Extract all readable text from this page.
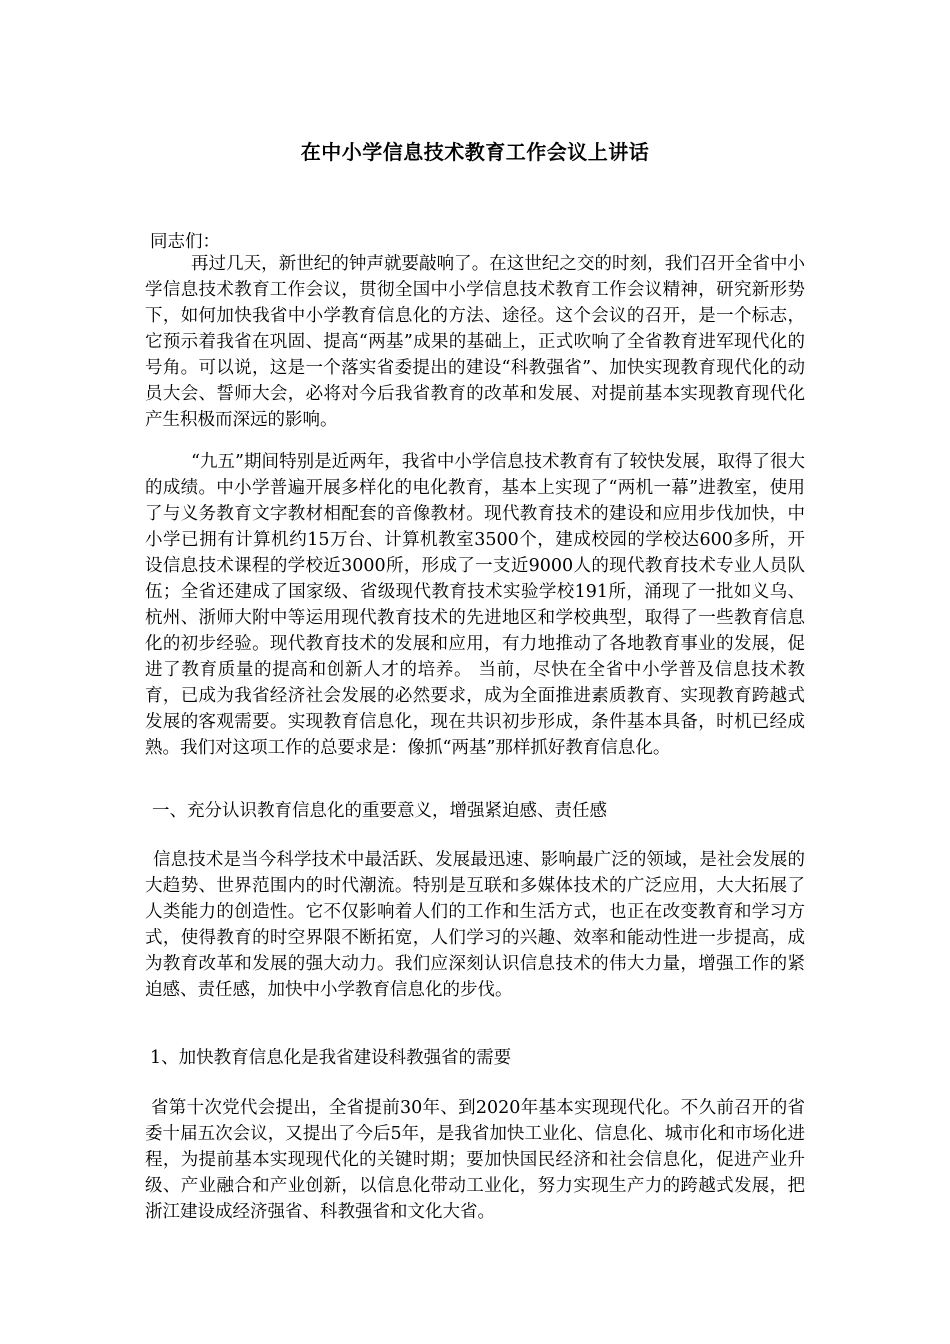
在中小学信息技术教育工作会议上讲话

同志们：

再过几天，新世纪的钟声就要敲响了。在这世纪之交的时刻，我们召开全省中小学信息技术教育工作会议，贯彻全国中小学信息技术教育工作会议精神，研究新形势下，如何加快我省中小学教育信息化的方法、途径。这个会议的召开，是一个标志，它预示着我省在巩固、提高“两基”成果的基础上，正式吹响了全省教育进军现代化的号角。可以说，这是一个落实省委提出的建设“科教强省”、加快实现教育现代化的动员大会、誓师大会，必将对今后我省教育的改革和发展、对提前基本实现教育现代化产生积极而深远的影响。

“九五”期间特别是近两年，我省中小学信息技术教育有了较快发展，取得了很大的成绩。中小学普遍开展多样化的电化教育，基本上实现了“两机一幕”进教室，使用了与义务教育文字教材相配套的音像教材。现代教育技术的建设和应用步伐加快，中小学已拥有计算机约15万台、计算机教室3500个，建成校园的学校达600多所，开设信息技术课程的学校近3000所，形成了一支近9000人的现代教育技术专业人员队伍；全省还建成了国家级、省级现代教育技术实验学校191所，涌现了一批如义乌、杭州、浙师大附中等运用现代教育技术的先进地区和学校典型，取得了一些教育信息化的初步经验。现代教育技术的发展和应用，有力地推动了各地教育事业的发展，促进了教育质量的提高和创新人才的培养。 当前，尽快在全省中小学普及信息技术教育，已成为我省经济社会发展的必然要求，成为全面推进素质教育、实现教育跨越式发展的客观需要。实现教育信息化，现在共识初步形成，条件基本具备，时机已经成熟。我们对这项工作的总要求是：像抓“两基”那样抓好教育信息化。

一、充分认识教育信息化的重要意义，增强紧迫感、责任感

信息技术是当今科学技术中最活跃、发展最迅速、影响最广泛的领域，是社会发展的大趋势、世界范围内的时代潮流。特别是互联和多媒体技术的广泛应用，大大拓展了人类能力的创造性。它不仅影响着人们的工作和生活方式，也正在改变教育和学习方式，使得教育的时空界限不断拓宽，人们学习的兴趣、效率和能动性进一步提高，成为教育改革和发展的强大动力。我们应深刻认识信息技术的伟大力量，增强工作的紧迫感、责任感，加快中小学教育信息化的步伐。

1、加快教育信息化是我省建设科教强省的需要

省第十次党代会提出，全省提前30年、到2020年基本实现现代化。不久前召开的省委十届五次会议，又提出了今后5年，是我省加快工业化、信息化、城市化和市场化进程，为提前基本实现现代化的关键时期；要加快国民经济和社会信息化，促进产业升级、产业融合和产业创新，以信息化带动工业化，努力实现生产力的跨越式发展，把浙江建设成经济强省、科教强省和文化大省。
